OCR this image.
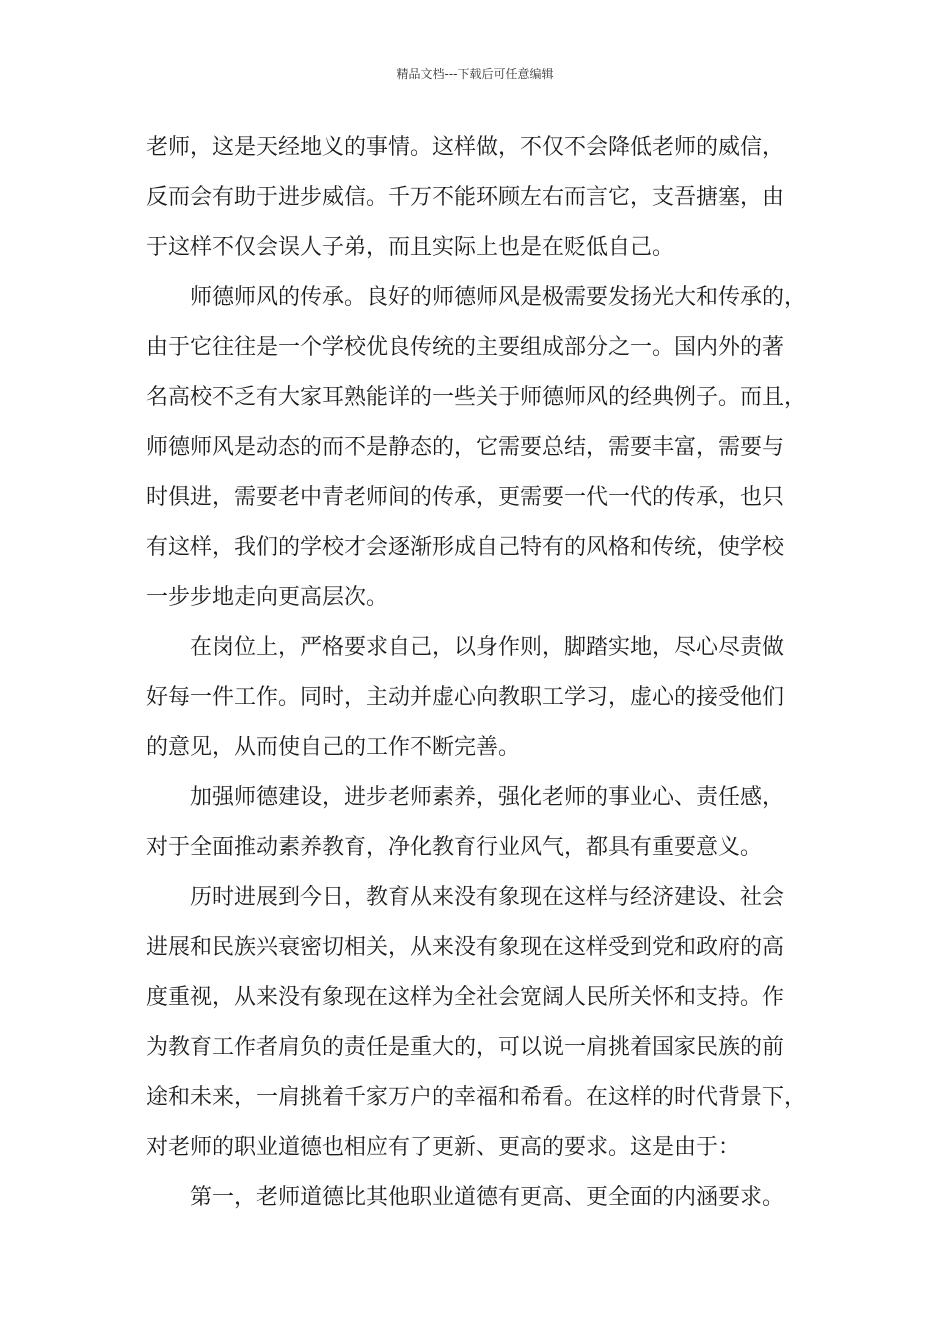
精品文档---下载后可任意编辑
老师，这是天经地义的事情。这样做，不仅不会降低老师的威信，
反而会有助于进步威信。千万不能环顾左右而言它，支吾搪塞，由
于这样不仅会误人子弟，而且实际上也是在贬低自己。
师德师风的传承。良好的师德师风是极需要发扬光大和传承的，
由于它往往是一个学校优良传统的主要组成部分之一。国内外的著
名高校不乏有大家耳熟能详的一些关于师德师风的经典例子。而且，
师德师风是动态的而不是静态的，它需要总结，需要丰富，需要与
时俱进，需要老中青老师间的传承，更需要一代一代的传承，也只
有这样，我们的学校才会逐渐形成自己特有的风格和传统，使学校
一步步地走向更高层次。
在岗位上，严格要求自己，以身作则，脚踏实地，尽心尽责做
好每一件工作。同时，主动并虚心向教职工学习，虚心的接受他们
的意见，从而使自己的工作不断完善。
加强师德建设，进步老师素养，强化老师的事业心、责任感，
对于全面推动素养教育，净化教育行业风气，都具有重要意义。
历时进展到今日，教育从来没有象现在这样与经济建设、社会
进展和民族兴衰密切相关，从来没有象现在这样受到党和政府的高
度重视，从来没有象现在这样为全社会宽阔人民所关怀和支持。作
为教育工作者肩负的责任是重大的，可以说一肩挑着国家民族的前
途和未来，一肩挑着千家万户的幸福和希看。在这样的时代背景下，
对老师的职业道德也相应有了更新、更高的要求。这是由于：
第一，老师道德比其他职业道德有更高、更全面的内涵要求。
